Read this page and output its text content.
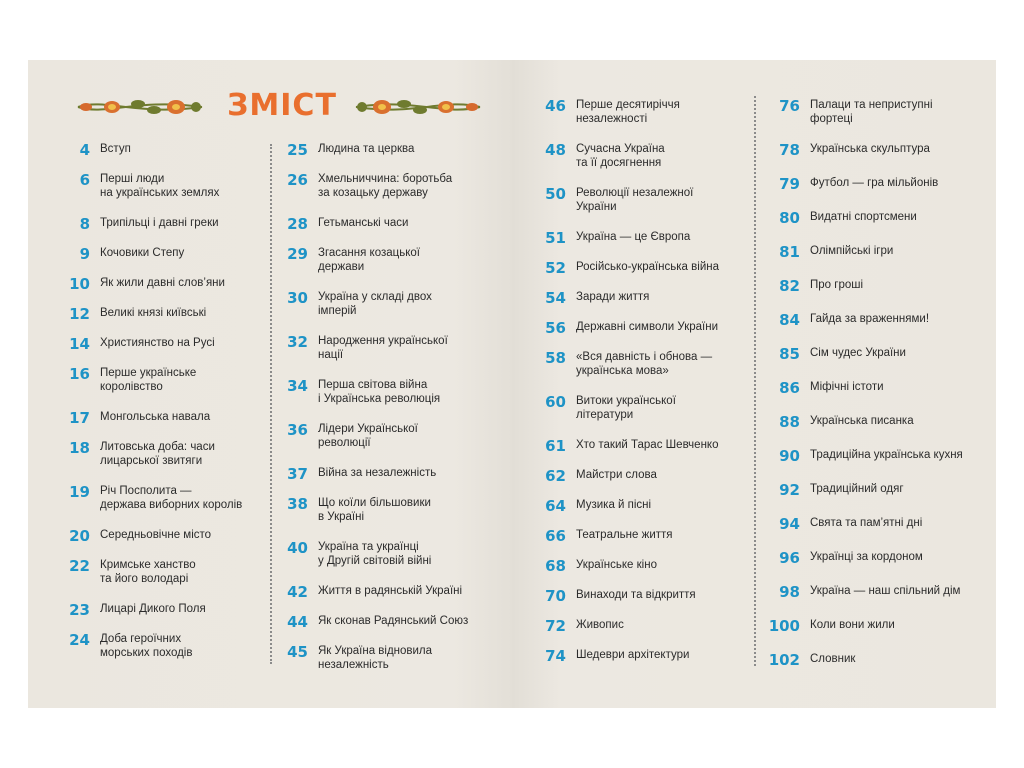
ЗМІСТ
4 Вступ
6 Перші люди
на українських землях
8 Трипільці і давні греки
9 Кочовики Степу
10 Як жили давні слов’яни
12 Великі князі київські
14 Християнство на Русі
16 Перше українське
королівство
17 Монгольська навала
18 Литовська доба: часи
лицарської звитяги
19 Річ Посполита —
держава виборних королів
20 Середньовічне місто
22 Кримське ханство
та його володарі
23 Лицарі Дикого Поля
24 Доба героїчних
морських походів
25 Людина та церква
26 Хмельниччина: боротьба
за козацьку державу
28 Гетьманські часи
29 Згасання козацької
держави
30 Україна у складі двох
імперій
32 Народження української
нації
34 Перша світова війна
і Українська революція
36 Лідери Української
революції
37 Війна за незалежність
38 Що коїли більшовики
в Україні
40 Україна та українці
у Другій світовій війні
42 Життя в радянській Україні
44 Як сконав Радянський Союз
45 Як Україна відновила
незалежність
46 Перше десятиріччя
незалежності
48 Сучасна Україна
та її досягнення
50 Революції незалежної
України
51 Україна — це Європа
52 Російсько-українська війна
54 Заради життя
56 Державні символи України
58 «Вся давність і обнова —
українська мова»
60 Витоки української
літератури
61 Хто такий Тарас Шевченко
62 Майстри слова
64 Музика й пісні
66 Театральне життя
68 Українське кіно
70 Винаходи та відкриття
72 Живопис
74 Шедеври архітектури
76 Палаци та неприступні
фортеці
78 Українська скульптура
79 Футбол — гра мільйонів
80 Видатні спортсмени
81 Олімпійські ігри
82 Про гроші
84 Гайда за враженнями!
85 Сім чудес України
86 Міфічні істоти
88 Українська писанка
90 Традиційна українська кухня
92 Традиційний одяг
94 Свята та пам’ятні дні
96 Українці за кордоном
98 Україна — наш спільний дім
100 Коли вони жили
102 Словник
